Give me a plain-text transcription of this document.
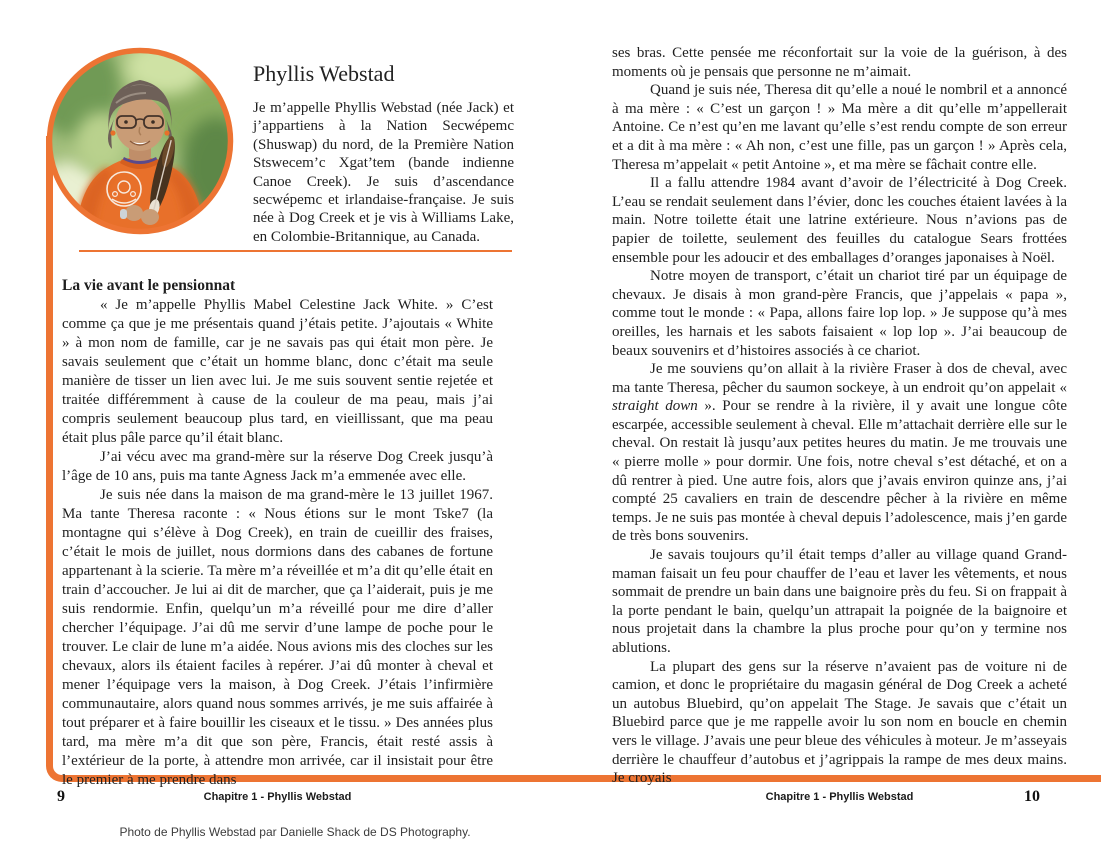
Phyllis Webstad

Je m’appelle Phyllis Webstad (née Jack) et j’appartiens à la Nation Secwépemc (Shuswap) du nord, de la Première Nation Stswecem’c Xgat’tem (bande indienne Canoe Creek). Je suis d’ascendance secwépemc et irlandaise-française. Je suis née à Dog Creek et je vis à Williams Lake, en Colombie-Britannique, au Canada.

La vie avant le pensionnat

« Je m’appelle Phyllis Mabel Celestine Jack White. » C’est comme ça que je me présentais quand j’étais petite. J’ajoutais « White » à mon nom de famille, car je ne savais pas qui était mon père. Je savais seulement que c’était un homme blanc, donc c’était ma seule manière de tisser un lien avec lui. Je me suis souvent sentie rejetée et traitée différemment à cause de la couleur de ma peau, mais j’ai compris seulement beaucoup plus tard, en vieillissant, que ma peau était plus pâle parce qu’il était blanc.

J’ai vécu avec ma grand-mère sur la réserve Dog Creek jusqu’à l’âge de 10 ans, puis ma tante Agness Jack m’a emmenée avec elle.

Je suis née dans la maison de ma grand-mère le 13 juillet 1967. Ma tante Theresa raconte : « Nous étions sur le mont Tske7 (la montagne qui s’élève à Dog Creek), en train de cueillir des fraises, c’était le mois de juillet, nous dormions dans des cabanes de fortune appartenant à la scierie. Ta mère m’a réveillée et m’a dit qu’elle était en train d’accoucher. Je lui ai dit de marcher, que ça l’aiderait, puis je me suis rendormie. Enfin, quelqu’un m’a réveillé pour me dire d’aller chercher l’équipage. J’ai dû me servir d’une lampe de poche pour le trouver. Le clair de lune m’a aidée. Nous avions mis des cloches sur les chevaux, alors ils étaient faciles à repérer. J’ai dû monter à cheval et mener l’équipage vers la maison, à Dog Creek. J’étais l’infirmière communautaire, alors quand nous sommes arrivés, je me suis affairée à tout préparer et à faire bouillir les ciseaux et le tissu. » Des années plus tard, ma mère m’a dit que son père, Francis, était resté assis à l’extérieur de la porte, à attendre mon arrivée, car il insistait pour être le premier à me prendre dans

ses bras. Cette pensée me réconfortait sur la voie de la guérison, à des moments où je pensais que personne ne m’aimait.

Quand je suis née, Theresa dit qu’elle a noué le nombril et a annoncé à ma mère : « C’est un garçon ! » Ma mère a dit qu’elle m’appellerait Antoine. Ce n’est qu’en me lavant qu’elle s’est rendu compte de son erreur et a dit à ma mère : « Ah non, c’est une fille, pas un garçon ! » Après cela, Theresa m’appelait « petit Antoine », et ma mère se fâchait contre elle.

Il a fallu attendre 1984 avant d’avoir de l’électricité à Dog Creek. L’eau se rendait seulement dans l’évier, donc les couches étaient lavées à la main. Notre toilette était une latrine extérieure. Nous n’avions pas de papier de toilette, seulement des feuilles du catalogue Sears frottées ensemble pour les adoucir et des emballages d’oranges japonaises à Noël.

Notre moyen de transport, c’était un chariot tiré par un équipage de chevaux. Je disais à mon grand-père Francis, que j’appelais « papa », comme tout le monde : « Papa, allons faire lop lop. » Je suppose qu’à mes oreilles, les harnais et les sabots faisaient « lop lop ». J’ai beaucoup de beaux souvenirs et d’histoires associés à ce chariot.

Je me souviens qu’on allait à la rivière Fraser à dos de cheval, avec ma tante Theresa, pêcher du saumon sockeye, à un endroit qu’on appelait « straight down ». Pour se rendre à la rivière, il y avait une longue côte escarpée, accessible seulement à cheval. Elle m’attachait derrière elle sur le cheval. On restait là jusqu’aux petites heures du matin. Je me trouvais une « pierre molle » pour dormir. Une fois, notre cheval s’est détaché, et on a dû rentrer à pied. Une autre fois, alors que j’avais environ quinze ans, j’ai compté 25 cavaliers en train de descendre pêcher à la rivière en même temps. Je ne suis pas montée à cheval depuis l’adolescence, mais j’en garde de très bons souvenirs.

Je savais toujours qu’il était temps d’aller au village quand Grand-maman faisait un feu pour chauffer de l’eau et laver les vêtements, et nous sommait de prendre un bain dans une baignoire près du feu. Si on frappait à la porte pendant le bain, quelqu’un attrapait la poignée de la baignoire et nous projetait dans la chambre la plus proche pour qu’on y termine nos ablutions.

La plupart des gens sur la réserve n’avaient pas de voiture ni de camion, et donc le propriétaire du magasin général de Dog Creek a acheté un autobus Bluebird, qu’on appelait The Stage. Je savais que c’était un Bluebird parce que je me rappelle avoir lu son nom en boucle en chemin vers le village. J’avais une peur bleue des véhicules à moteur. Je m’asseyais derrière le chauffeur d’autobus et j’agrippais la rampe de mes deux mains. Je croyais

9	Chapitre 1 - Phyllis Webstad	Chapitre 1 - Phyllis Webstad	10
Photo de Phyllis Webstad par Danielle Shack de DS Photography.
